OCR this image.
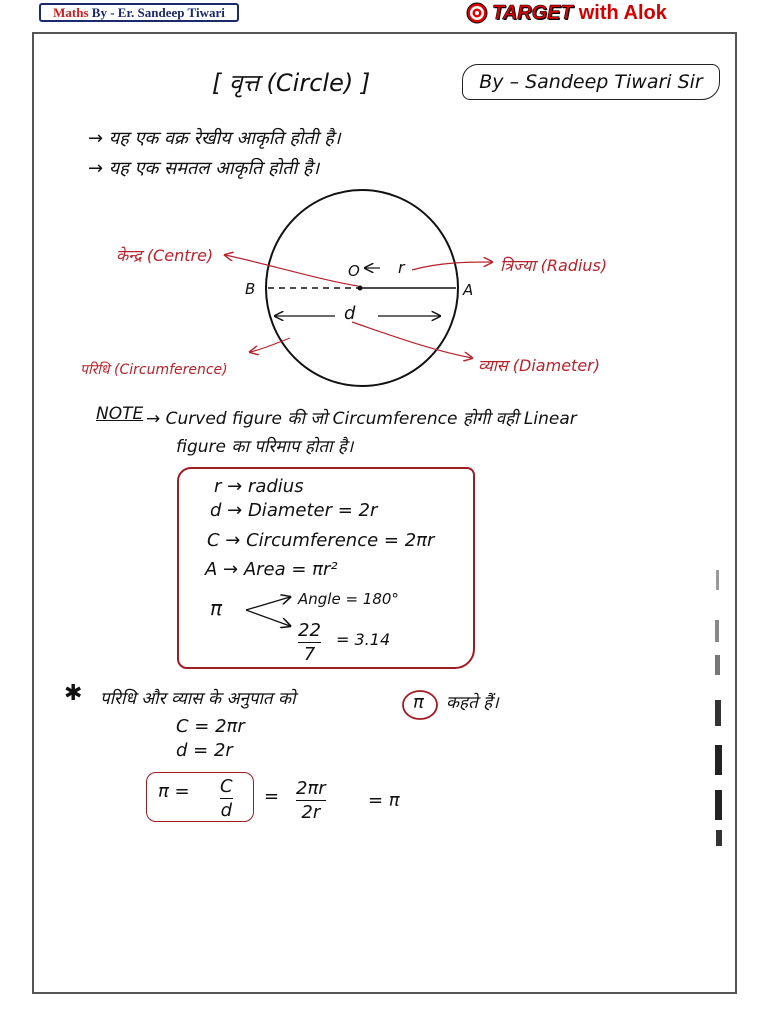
Maths
By - Er. Sandeep Tiwari	TARGET with Alok
[ वृत्त (Circle) ]	By – Sandeep Tiwari Sir
→ यह एक वक्र रेखीय आकृति होती है।
→ यह एक समतल आकृति होती है।
केन्द्र (Centre)
त्रिज्या (Radius)
परिधि (Circumference)	व्यास (Diameter)
O
B	A
r
d
NOTE → Curved figure की जो Circumference होगी वही Linear
figure का परिमाप होता है।
r → radius
d → Diameter = 2r
C → Circumference = 2πr
A → Area = πr²
π	Angle = 180°
22
7
= 3.14
✱ परिधि और व्यास के अनुपात को	π कहते हैं।
C = 2πr
d = 2r
π = C
d
= 2πr
2r
= π
